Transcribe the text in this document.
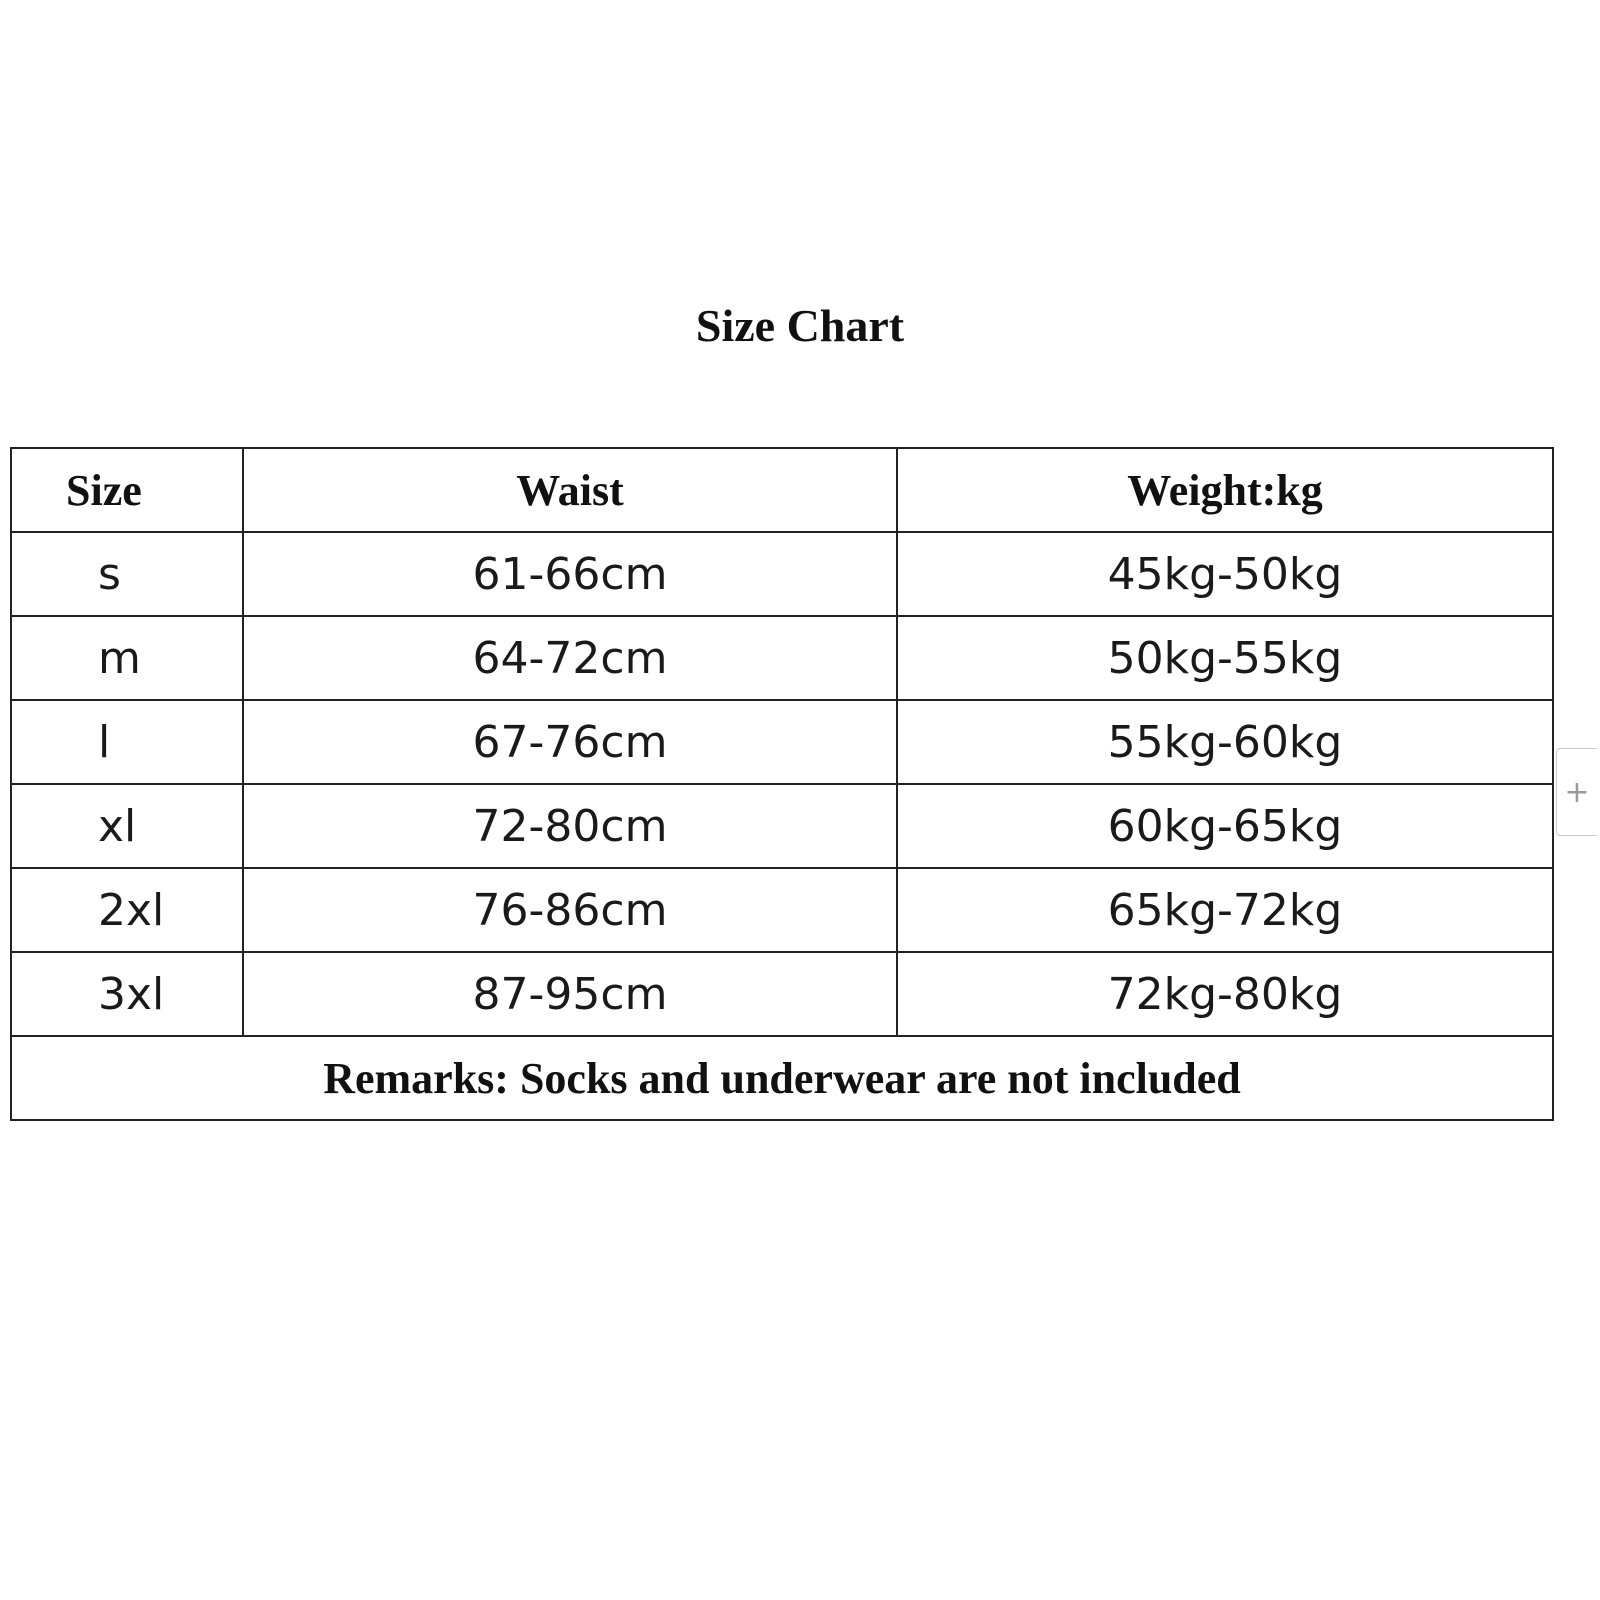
Size Chart
Size	Waist	Weight:kg
s	61-66cm	45kg-50kg
m	64-72cm	50kg-55kg
l	67-76cm	55kg-60kg
xl	72-80cm	60kg-65kg
2xl	76-86cm	65kg-72kg
3xl	87-95cm	72kg-80kg
Remarks: Socks and underwear are not included		
+
